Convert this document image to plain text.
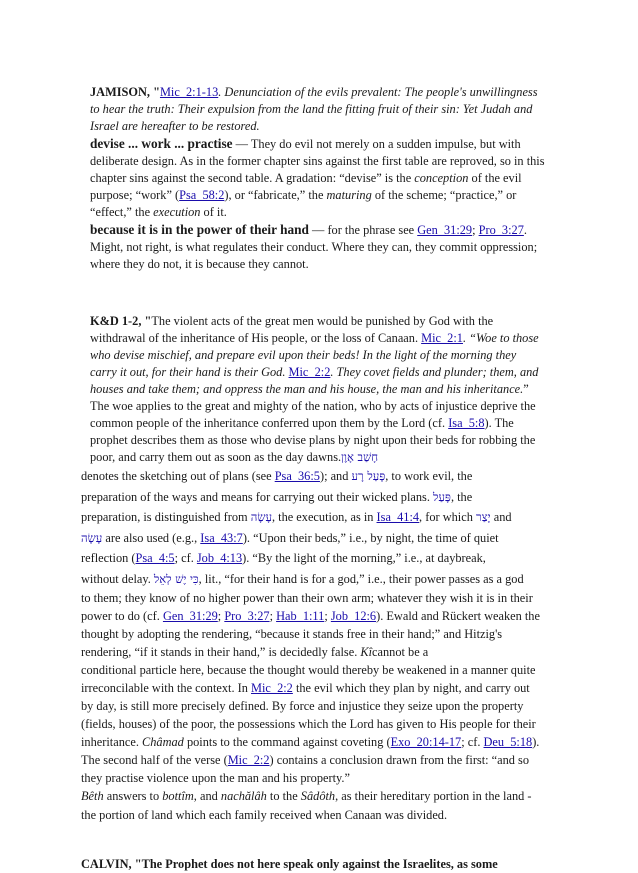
JAMISON, "Mic_2:1-13. Denunciation of the evils prevalent: The people's unwillingness to hear the truth: Their expulsion from the land the fitting fruit of their sin: Yet Judah and Israel are hereafter to be restored.

devise ... work ... practise — They do evil not merely on a sudden impulse, but with deliberate design. As in the former chapter sins against the first table are reproved, so in this chapter sins against the second table. A gradation: “devise” is the conception of the evil purpose; “work” (Psa_58:2), or “fabricate,” the maturing of the scheme; “practice,” or “effect,” the execution of it.

because it is in the power of their hand — for the phrase see Gen_31:29; Pro_3:27. Might, not right, is what regulates their conduct. Where they can, they commit oppression; where they do not, it is because they cannot.

K&D 1-2, "The violent acts of the great men would be punished by God with the withdrawal of the inheritance of His people, or the loss of Canaan. Mic_2:1. “Woe to those who devise mischief, and prepare evil upon their beds! In the light of the morning they carry it out, for their hand is their God. Mic_2:2. They covet fields and plunder; them, and houses and take them; and oppress the man and his house, the man and his inheritance.” The woe applies to the great and mighty of the nation, who by acts of injustice deprive the common people of the inheritance conferred upon them by the Lord (cf. Isa_5:8). The prophet describes them as those who devise plans by night upon their beds for robbing the poor, and carry them out as soon as the day dawns.חָשַׁב אָוֶן

denotes the sketching out of plans (see Psa_36:5); and פָּעַל רָע, to work evil, the

preparation of the ways and means for carrying out their wicked plans. פָּעַל, the

preparation, is distinguished from עָשָׂה, the execution, as in Isa_41:4, for which יָצַר and

עָשָׂה are also used (e.g., Isa_43:7). “Upon their beds,” i.e., by night, the time of quiet

reflection (Psa_4:5; cf. Job_4:13). “By the light of the morning,” i.e., at daybreak,

without delay. כִּי יֶשׁ לְאֵל, lit., “for their hand is for a god,” i.e., their power passes as a god

to them; they know of no higher power than their own arm; whatever they wish it is in their power to do (cf. Gen_31:29; Pro_3:27; Hab_1:11; Job_12:6). Ewald and Rückert weaken the thought by adopting the rendering, “because it stands free in their hand;” and Hitzig's rendering, “if it stands in their hand,” is decidedly false. Kîcannot be a

conditional particle here, because the thought would thereby be weakened in a manner quite irreconcilable with the context. In Mic_2:2 the evil which they plan by night, and carry out by day, is still more precisely defined. By force and injustice they seize upon the property (fields, houses) of the poor, the possessions which the Lord has given to His people for their inheritance. Châmad points to the command against coveting (Exo_20:14-17; cf. Deu_5:18). The second half of the verse (Mic_2:2) contains a conclusion drawn from the first: “and so they practise violence upon the man and his property.”

Bêth answers to bottîm, and nachălâh to the Sâdôth, as their hereditary portion in the land - the portion of land which each family received when Canaan was divided.

CALVIN, "The Prophet does not here speak only against the Israelites, as some
